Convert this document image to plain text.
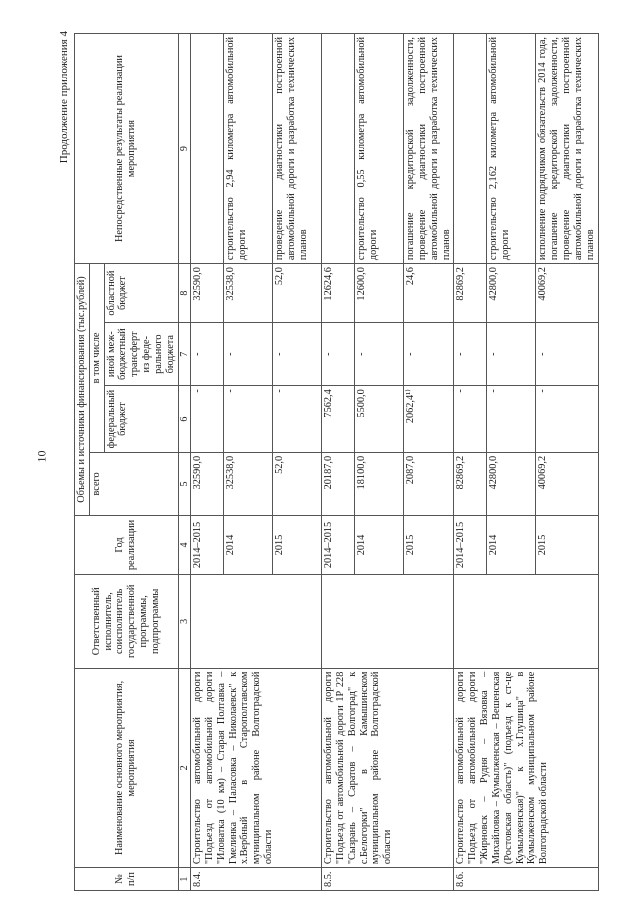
10
Продолжение приложения 4
№ п/п	Наименование основного мероприятия, мероприятия	Ответственный исполнитель, соисполнитель государственной программы, подпрограммы	Год реализации	Объемы и источники финансирования (тыс.рублей)				Непосредственные результаты реализации мероприятия
				всего	в том числе			
					федеральный бюджет	иной меж-бюджетный трансферт из феде-рального бюджета	областной бюджет	
1	2	3	4	5	6	7	8	9
8.4.	Строительство автомобильной дороги "Подъезд от автомобильной дороги "Иловатка (10 км) – Старая Полтавка – Гмелинка – Паласовка – Николаевск" к х.Вербный в Старополтавском муниципальном районе Волгоградской области		2014–2015	32590,0	-	-	32590,0	
			2014	32538,0	-	-	32538,0	строительство 2,94 километра автомобильной дороги
			2015	52,0	-	-	52,0	проведение диагностики построенной автомобильной дороги и разработка технических планов
8.5.	Строительство автомобильной дороги "Подъезд от автомобильной дороги 1Р 228 "Сызрань – Саратов – Волгоград" к с.Белогорки" в Камышинском муниципальном районе Волгоградской области		2014–2015	20187,0	7562,4	-	12624,6	
			2014	18100,0	5500,0	-	12600,0	строительство 0,55 километра автомобильной дороги
			2015	2087,0	2062,4¹⁾	-	24,6	погашение кредиторской задолженности, проведение диагностики построенной автомобильной дороги и разработка технических планов
8.6.	Строительство автомобильной дороги "Подъезд от автомобильной дороги "Жирновск – Рудня – Вязовка – Михайловка – Кумылженская – Вешенская (Ростовская область)" (подъезд к ст-це Кумылженская)" к х.Глушица" в Кумылженском муниципальном районе Волгоградской области		2014–2015	82869,2	-	-	82869,2	
			2014	42800,0	-	-	42800,0	строительство 2,162 километра автомобильной дороги
			2015	40069,2	-	-	40069,2	исполнение подрядчиком обязательств 2014 года, погашение кредиторской задолженности, проведение диагностики построенной автомобильной дороги и разработка технических планов
